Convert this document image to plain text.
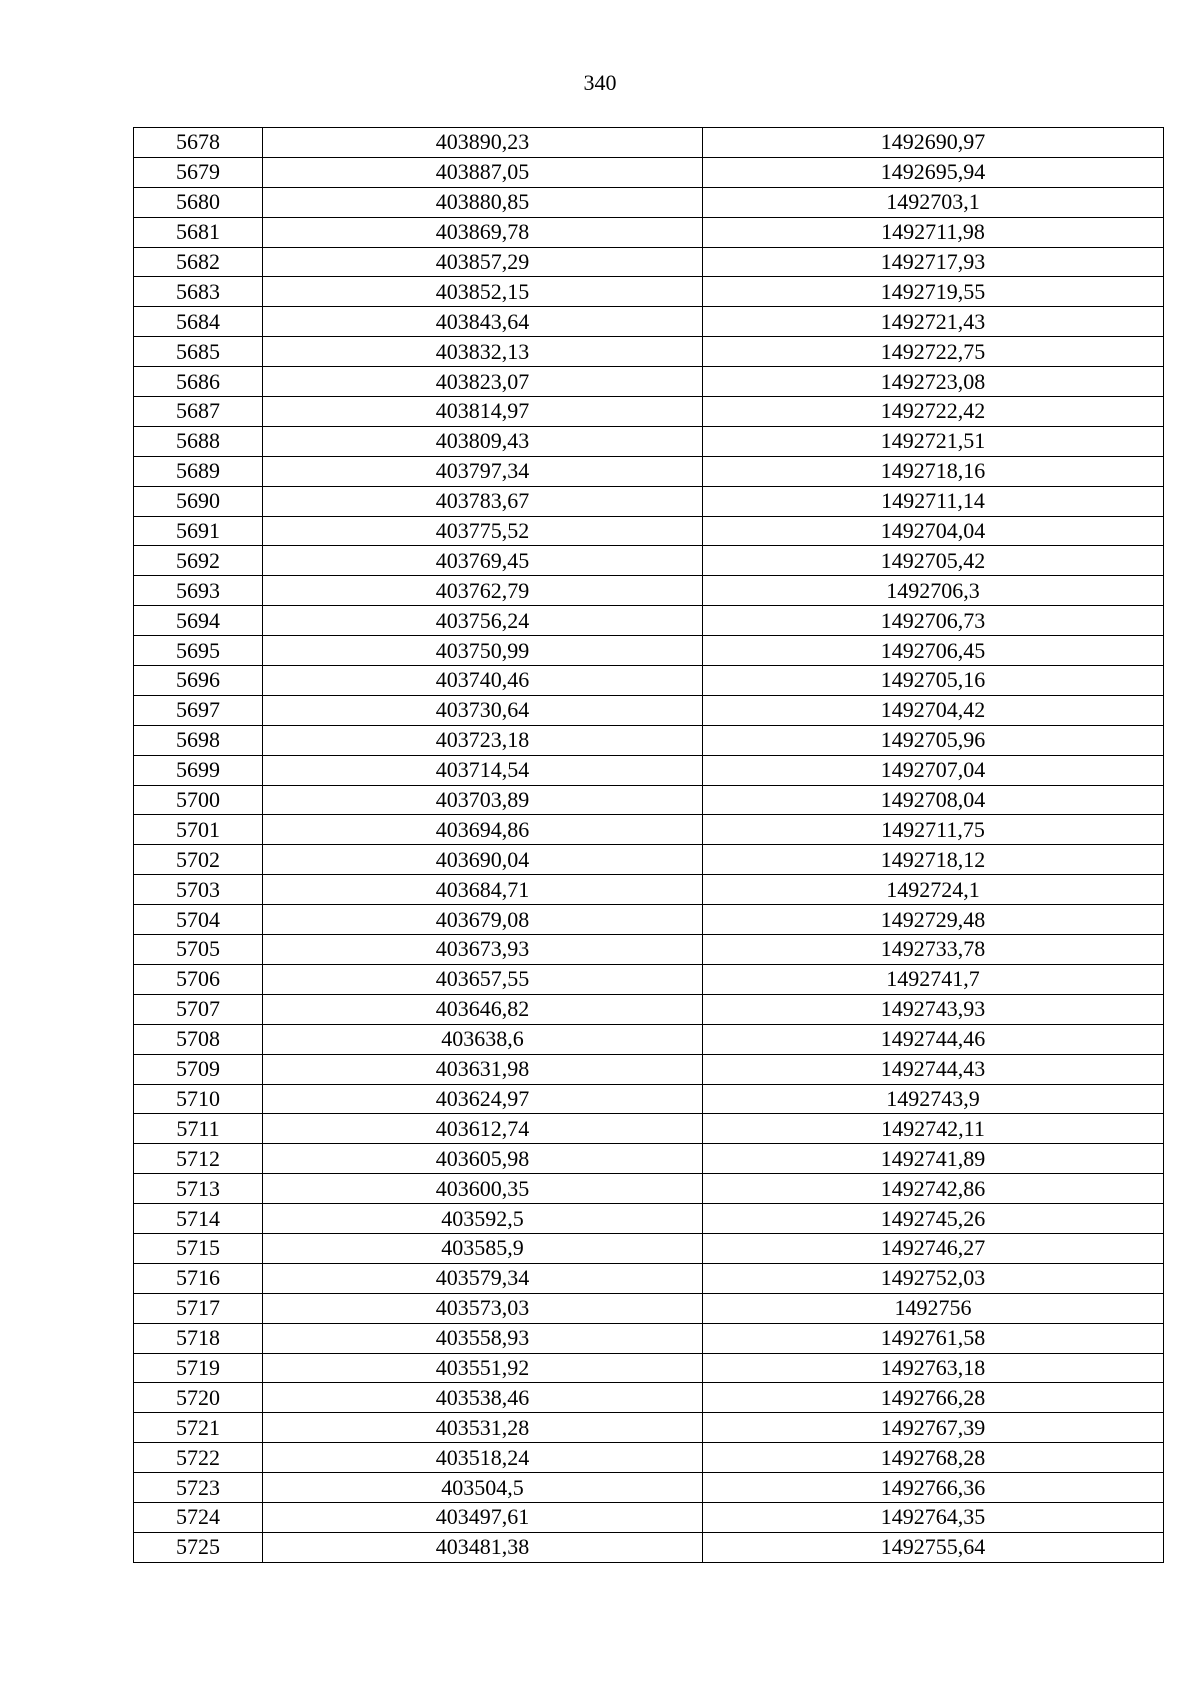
340
5678	403890,23	1492690,97
5679	403887,05	1492695,94
5680	403880,85	1492703,1
5681	403869,78	1492711,98
5682	403857,29	1492717,93
5683	403852,15	1492719,55
5684	403843,64	1492721,43
5685	403832,13	1492722,75
5686	403823,07	1492723,08
5687	403814,97	1492722,42
5688	403809,43	1492721,51
5689	403797,34	1492718,16
5690	403783,67	1492711,14
5691	403775,52	1492704,04
5692	403769,45	1492705,42
5693	403762,79	1492706,3
5694	403756,24	1492706,73
5695	403750,99	1492706,45
5696	403740,46	1492705,16
5697	403730,64	1492704,42
5698	403723,18	1492705,96
5699	403714,54	1492707,04
5700	403703,89	1492708,04
5701	403694,86	1492711,75
5702	403690,04	1492718,12
5703	403684,71	1492724,1
5704	403679,08	1492729,48
5705	403673,93	1492733,78
5706	403657,55	1492741,7
5707	403646,82	1492743,93
5708	403638,6	1492744,46
5709	403631,98	1492744,43
5710	403624,97	1492743,9
5711	403612,74	1492742,11
5712	403605,98	1492741,89
5713	403600,35	1492742,86
5714	403592,5	1492745,26
5715	403585,9	1492746,27
5716	403579,34	1492752,03
5717	403573,03	1492756
5718	403558,93	1492761,58
5719	403551,92	1492763,18
5720	403538,46	1492766,28
5721	403531,28	1492767,39
5722	403518,24	1492768,28
5723	403504,5	1492766,36
5724	403497,61	1492764,35
5725	403481,38	1492755,64
